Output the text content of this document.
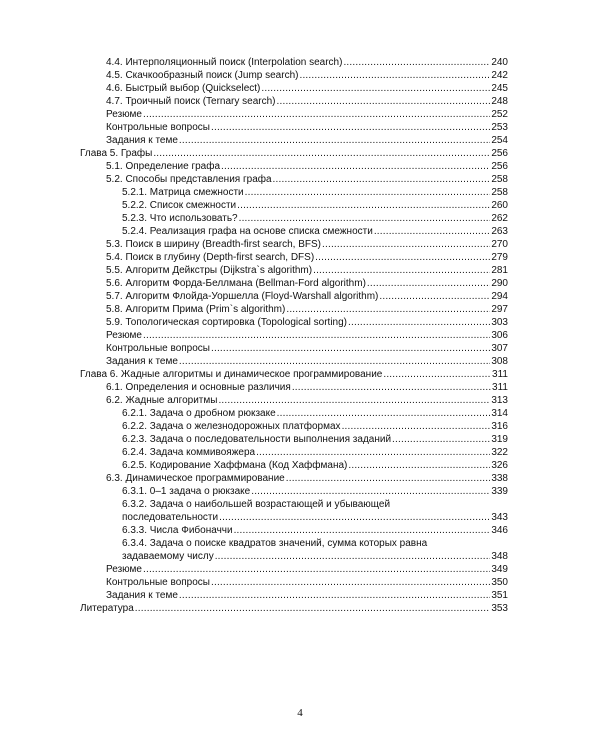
4.4. Интерполяционный поиск (Interpolation search) .....	240
4.5. Скачкообразный поиск (Jump search) .....	242
4.6. Быстрый выбор (Quickselect) .....	245
4.7. Троичный поиск (Ternary search) .....	248
Резюме .....	252
Контрольные вопросы .....	253
Задания к теме .....	254
Глава 5. Графы .....	256
5.1. Определение графа .....	256
5.2. Способы представления графа .....	258
5.2.1. Матрица смежности .....	258
5.2.2. Список смежности .....	260
5.2.3. Что использовать? .....	262
5.2.4. Реализация графа на основе списка смежности .....	263
5.3. Поиск в ширину (Breadth-first search, BFS) .....	270
5.4. Поиск в глубину (Depth-first search, DFS) .....	279
5.5. Алгоритм Дейкстры (Dijkstra`s algorithm) .....	281
5.6. Алгоритм Форда-Беллмана (Bellman-Ford algorithm) .....	290
5.7. Алгоритм Флойда-Уоршелла (Floyd-Warshall algorithm) .....	294
5.8. Алгоритм Прима (Prim`s algorithm) .....	297
5.9. Топологическая сортировка (Topological sorting) .....	303
Резюме .....	306
Контрольные вопросы .....	307
Задания к теме .....	308
Глава 6. Жадные алгоритмы и динамическое программирование .....	311
6.1. Определения и основные различия .....	311
6.2. Жадные алгоритмы .....	313
6.2.1. Задача о дробном рюкзаке .....	314
6.2.2. Задача о железнодорожных платформах .....	316
6.2.3. Задача о последовательности выполнения заданий .....	319
6.2.4. Задача коммивояжера .....	322
6.2.5. Кодирование Хаффмана (Код Хаффмана) .....	326
6.3. Динамическое программирование .....	338
6.3.1. 0–1 задача о рюкзаке .....	339
6.3.2. Задача о наибольшей возрастающей и убывающей
последовательности .....	343
6.3.3. Числа Фибоначчи .....	346
6.3.4. Задача о поиске квадратов значений, сумма которых равна
задаваемому числу .....	348
Резюме .....	349
Контрольные вопросы .....	350
Задания к теме .....	351
Литература .....	353
4
